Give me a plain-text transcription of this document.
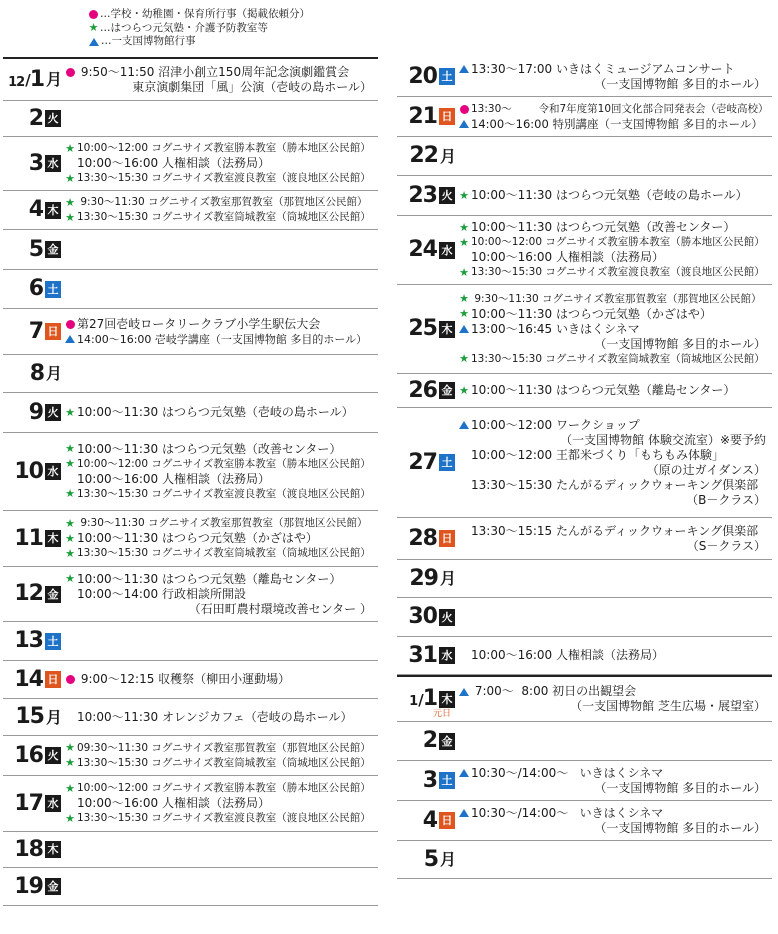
…学校・幼稚園・保育所行事（掲載依頼分）
★ …はつらつ元気塾・介護予防教室等
…一支国博物館行事
12 / 1 月 9:50～11:50 沼津小創立150周年記念演劇鑑賞会
東京演劇集団「風」公演（壱岐の島ホール）
2 火
3 水
★ 10:00～12:00 コグニサイズ教室勝本教室（勝本地区公民館）
10:00～16:00 人権相談（法務局）
★ 13:30～15:30 コグニサイズ教室渡良教室（渡良地区公民館）
4 木
★ 9:30～11:30 コグニサイズ教室那賀教室（那賀地区公民館）
★ 13:30～15:30 コグニサイズ教室筒城教室（筒城地区公民館）
5 金
6 土
7 日
第27回壱岐ロータリークラブ小学生駅伝大会
14:00～16:00 壱岐学講座（一支国博物館 多目的ホール）
8 月
9 火 ★ 10:00～11:30 はつらつ元気塾（壱岐の島ホール）
10 水
★ 10:00～11:30 はつらつ元気塾（改善センター）
★ 10:00～12:00 コグニサイズ教室勝本教室（勝本地区公民館）
10:00～16:00 人権相談（法務局）
★ 13:30～15:30 コグニサイズ教室渡良教室（渡良地区公民館）
11 木
★ 9:30～11:30 コグニサイズ教室那賀教室（那賀地区公民館）
★ 10:00～11:30 はつらつ元気塾（かざはや）
★ 13:30～15:30 コグニサイズ教室筒城教室（筒城地区公民館）
12 金
★ 10:00～11:30 はつらつ元気塾（離島センター）
10:00～14:00 行政相談所開設
（石田町農村環境改善センター ）
13 土
14 日 9:00～12:15 収穫祭（柳田小運動場）
15 月 10:00～11:30 オレンジカフェ（壱岐の島ホール）
16 火
★ 09:30～11:30 コグニサイズ教室那賀教室（那賀地区公民館）
★ 13:30～15:30 コグニサイズ教室筒城教室（筒城地区公民館）
17 水
★ 10:00～12:00 コグニサイズ教室勝本教室（勝本地区公民館）
10:00～16:00 人権相談（法務局）
★ 13:30～15:30 コグニサイズ教室渡良教室（渡良地区公民館）
18 木
19 金
20 土
13:30～17:00 いきはくミュージアムコンサート
（一支国博物館 多目的ホール）
21 日
13:30～ 令和7年度第10回文化部合同発表会（壱岐高校）
14:00～16:00 特別講座（一支国博物館 多目的ホール）
22 月
23 火 ★ 10:00～11:30 はつらつ元気塾（壱岐の島ホール）
24 水
★ 10:00～11:30 はつらつ元気塾（改善センター）
★ 10:00～12:00 コグニサイズ教室勝本教室（勝本地区公民館）
10:00～16:00 人権相談（法務局）
★ 13:30～15:30 コグニサイズ教室渡良教室（渡良地区公民館）
25 木
★ 9:30～11:30 コグニサイズ教室那賀教室（那賀地区公民館）
★ 10:00～11:30 はつらつ元気塾（かざはや）
13:00～16:45 いきはくシネマ
（一支国博物館 多目的ホール）
★ 13:30～15:30 コグニサイズ教室筒城教室（筒城地区公民館）
26 金 ★ 10:00～11:30 はつらつ元気塾（離島センター）
27 土
10:00～12:00 ワークショップ
（一支国博物館 体験交流室）※要予約
10:00～12:00 王都米づくり「もちもみ体験」
（原の辻ガイダンス）
13:30～15:30 たんがるディックウォーキング倶楽部
（B－クラス）
28 日
13:30～15:15 たんがるディックウォーキング倶楽部
（S－クラス）
29 月
30 火
31 水 10:00～16:00 人権相談（法務局）
1 / 1 木
元日
7:00～  8:00 初日の出観望会
（一支国博物館 芝生広場・展望室）
2 金
3 土
10:30～/14:00～ いきはくシネマ
（一支国博物館 多目的ホール）
4 日
10:30～/14:00～ いきはくシネマ
（一支国博物館 多目的ホール）
5 月
